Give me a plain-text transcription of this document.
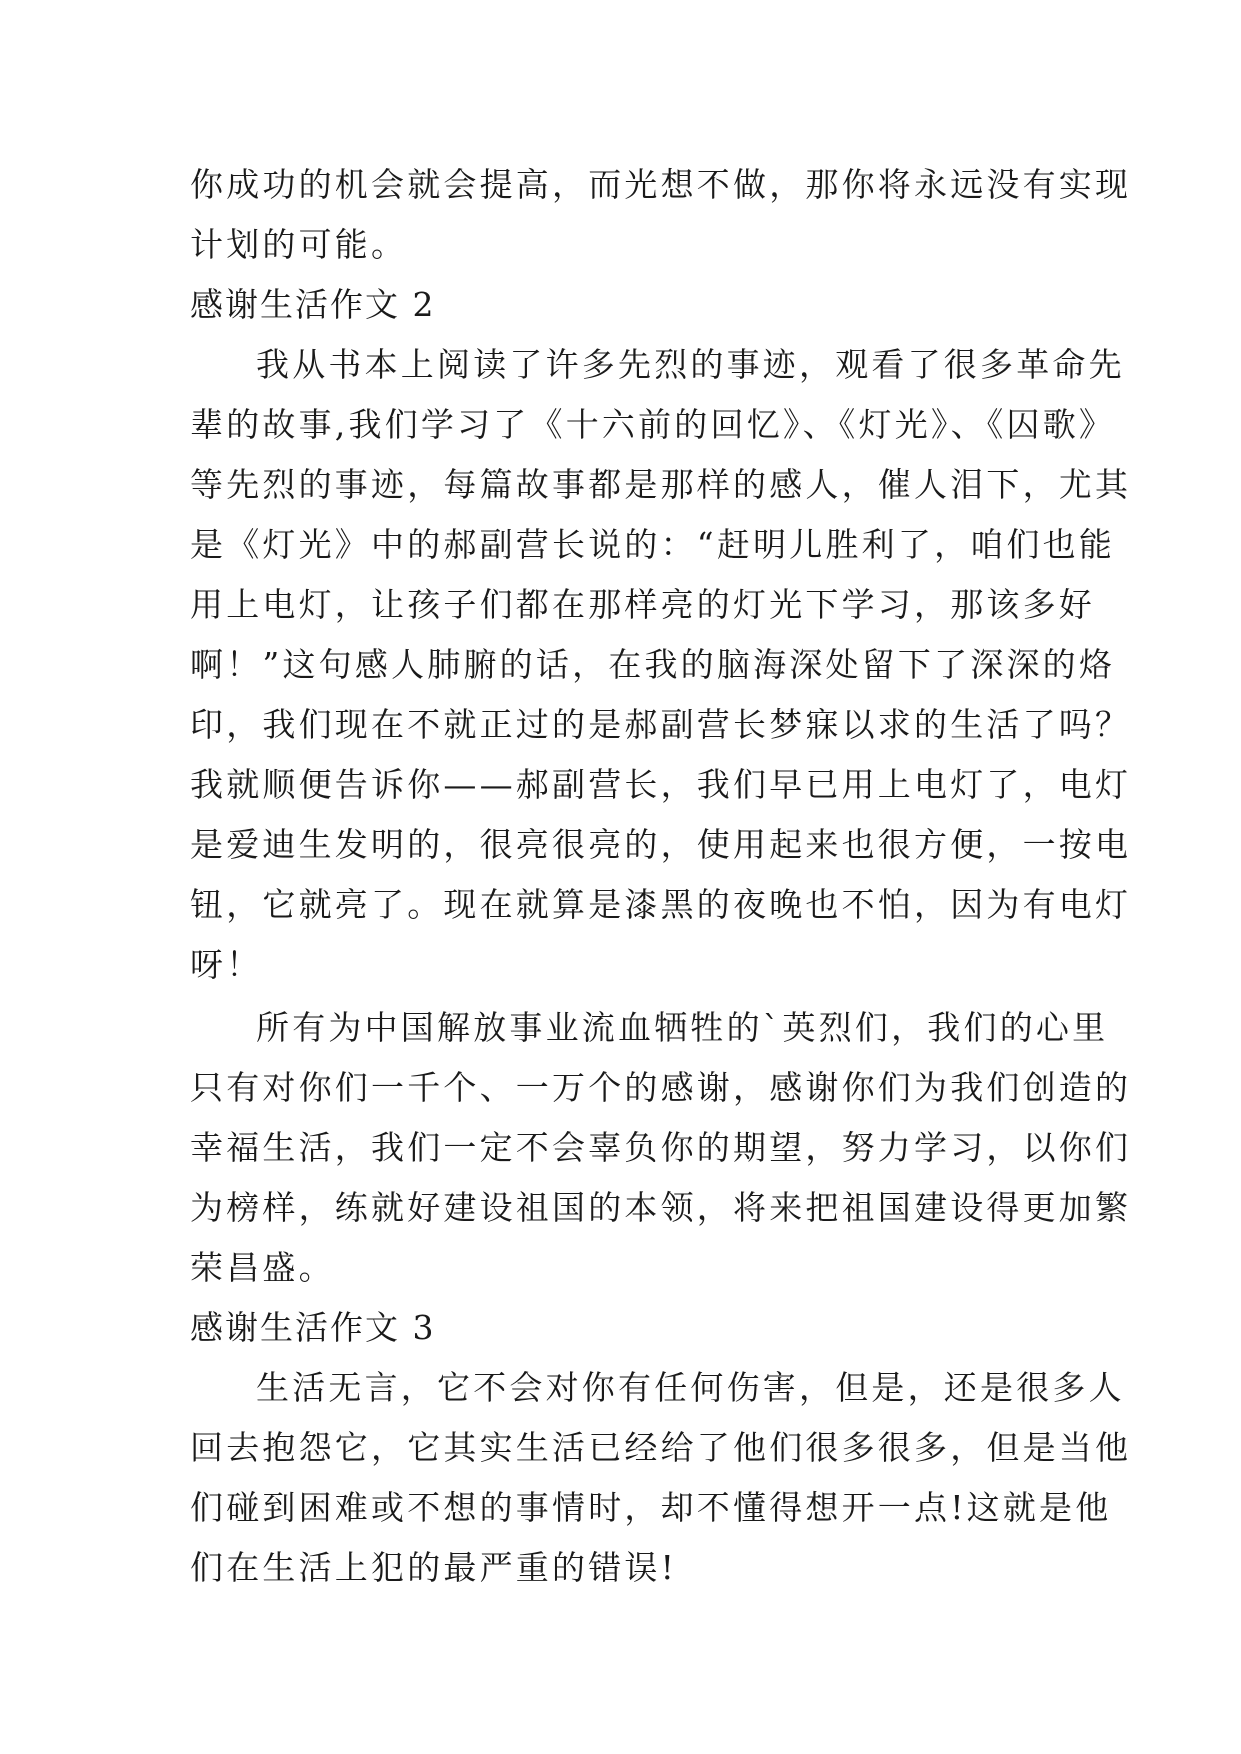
你成功的机会就会提高，而光想不做，那你将永远没有实现
计划的可能。
感谢生活作文 2
我从书本上阅读了许多先烈的事迹，观看了很多革命先
辈的故事,我们学习了《十六前的回忆》、《灯光》、《囚歌》
等先烈的事迹，每篇故事都是那样的感人，催人泪下，尤其
是《灯光》中的郝副营长说的：“赶明儿胜利了，咱们也能
用上电灯，让孩子们都在那样亮的灯光下学习，那该多好
啊！”这句感人肺腑的话，在我的脑海深处留下了深深的烙
印，我们现在不就正过的是郝副营长梦寐以求的生活了吗？
我就顺便告诉你——郝副营长，我们早已用上电灯了，电灯
是爱迪生发明的，很亮很亮的，使用起来也很方便，一按电
钮，它就亮了。现在就算是漆黑的夜晚也不怕，因为有电灯
呀！
所有为中国解放事业流血牺牲的`英烈们，我们的心里
只有对你们一千个、一万个的感谢，感谢你们为我们创造的
幸福生活，我们一定不会辜负你的期望，努力学习，以你们
为榜样，练就好建设祖国的本领，将来把祖国建设得更加繁
荣昌盛。
感谢生活作文 3
生活无言，它不会对你有任何伤害，但是，还是很多人
回去抱怨它，它其实生活已经给了他们很多很多，但是当他
们碰到困难或不想的事情时，却不懂得想开一点!这就是他
们在生活上犯的最严重的错误!
